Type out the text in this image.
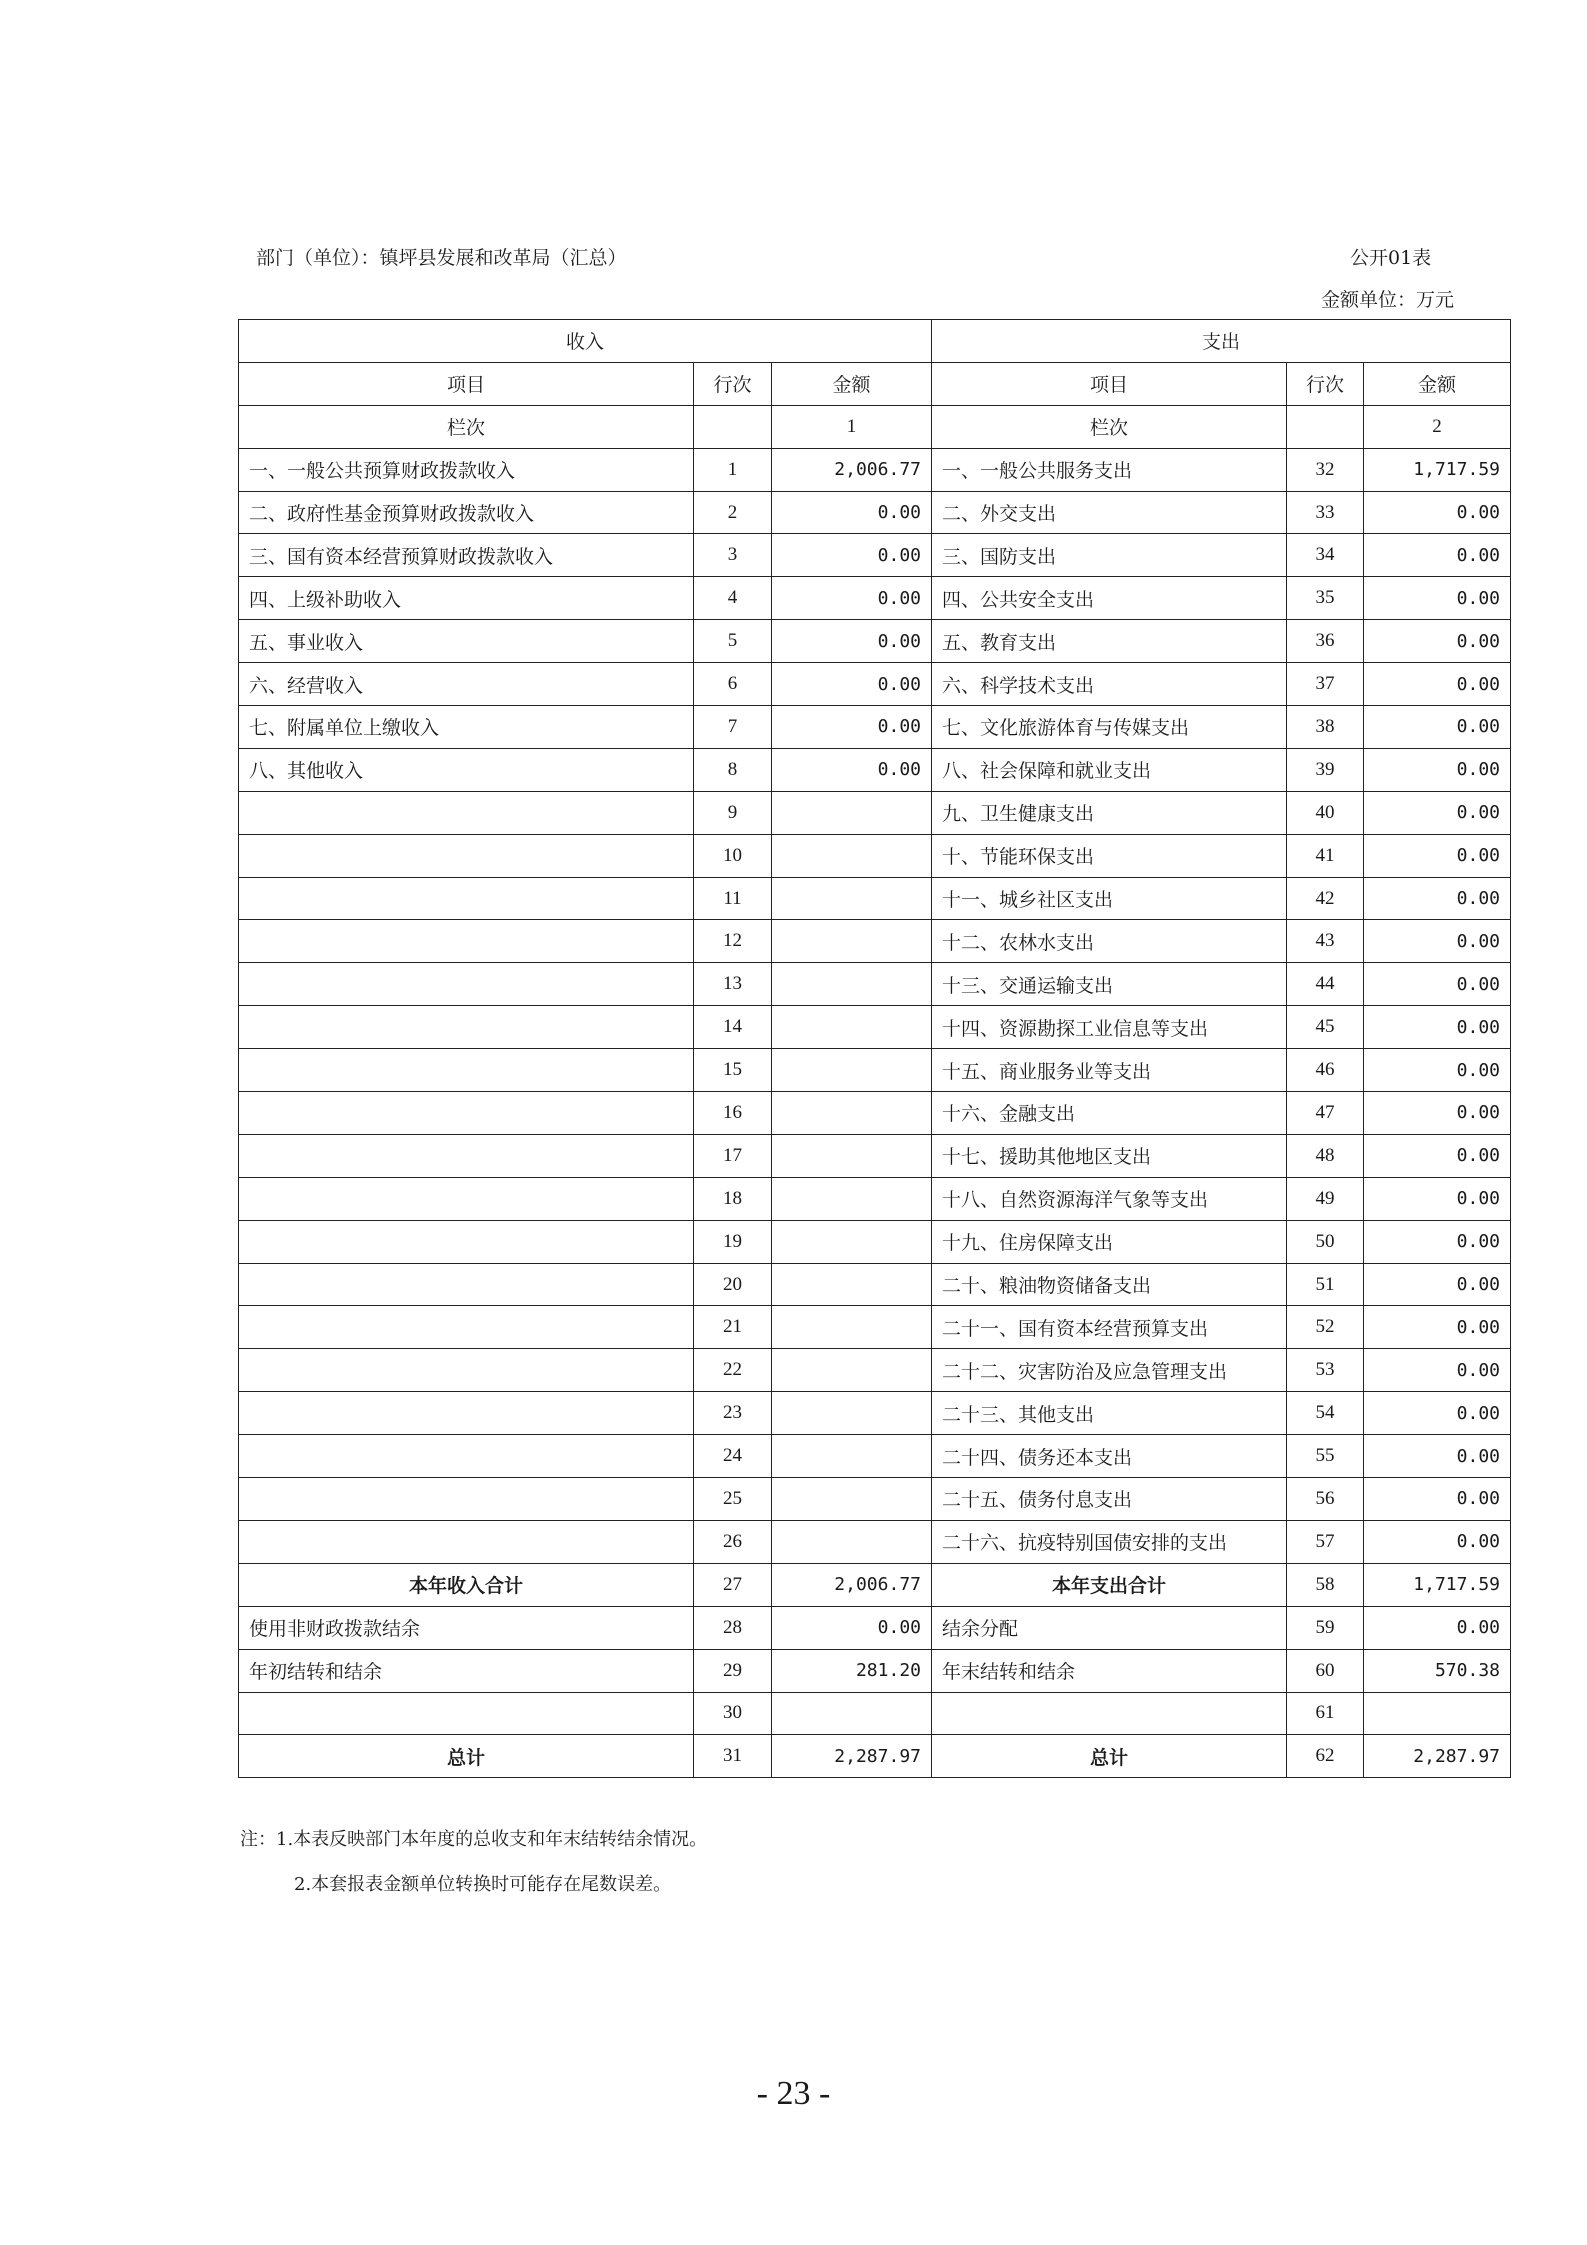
部门（单位）：镇坪县发展和改革局（汇总）	公开01表
金额单位：万元
收入			支出		
项目	行次	金额	项目	行次	金额
栏次		1	栏次		2
一、一般公共预算财政拨款收入	1	2,006.77	一、一般公共服务支出	32	1,717.59
二、政府性基金预算财政拨款收入	2	0.00	二、外交支出	33	0.00
三、国有资本经营预算财政拨款收入	3	0.00	三、国防支出	34	0.00
四、上级补助收入	4	0.00	四、公共安全支出	35	0.00
五、事业收入	5	0.00	五、教育支出	36	0.00
六、经营收入	6	0.00	六、科学技术支出	37	0.00
七、附属单位上缴收入	7	0.00	七、文化旅游体育与传媒支出	38	0.00
八、其他收入	8	0.00	八、社会保障和就业支出	39	0.00
	9		九、卫生健康支出	40	0.00
	10		十、节能环保支出	41	0.00
	11		十一、城乡社区支出	42	0.00
	12		十二、农林水支出	43	0.00
	13		十三、交通运输支出	44	0.00
	14		十四、资源勘探工业信息等支出	45	0.00
	15		十五、商业服务业等支出	46	0.00
	16		十六、金融支出	47	0.00
	17		十七、援助其他地区支出	48	0.00
	18		十八、自然资源海洋气象等支出	49	0.00
	19		十九、住房保障支出	50	0.00
	20		二十、粮油物资储备支出	51	0.00
	21		二十一、国有资本经营预算支出	52	0.00
	22		二十二、灾害防治及应急管理支出	53	0.00
	23		二十三、其他支出	54	0.00
	24		二十四、债务还本支出	55	0.00
	25		二十五、债务付息支出	56	0.00
	26		二十六、抗疫特别国债安排的支出	57	0.00
本年收入合计	27	2,006.77	本年支出合计	58	1,717.59
使用非财政拨款结余	28	0.00	结余分配	59	0.00
年初结转和结余	29	281.20	年末结转和结余	60	570.38
	30			61	
总计	31	2,287.97	总计	62	2,287.97
注：1.本表反映部门本年度的总收支和年末结转结余情况。
2.本套报表金额单位转换时可能存在尾数误差。
- 23 -
